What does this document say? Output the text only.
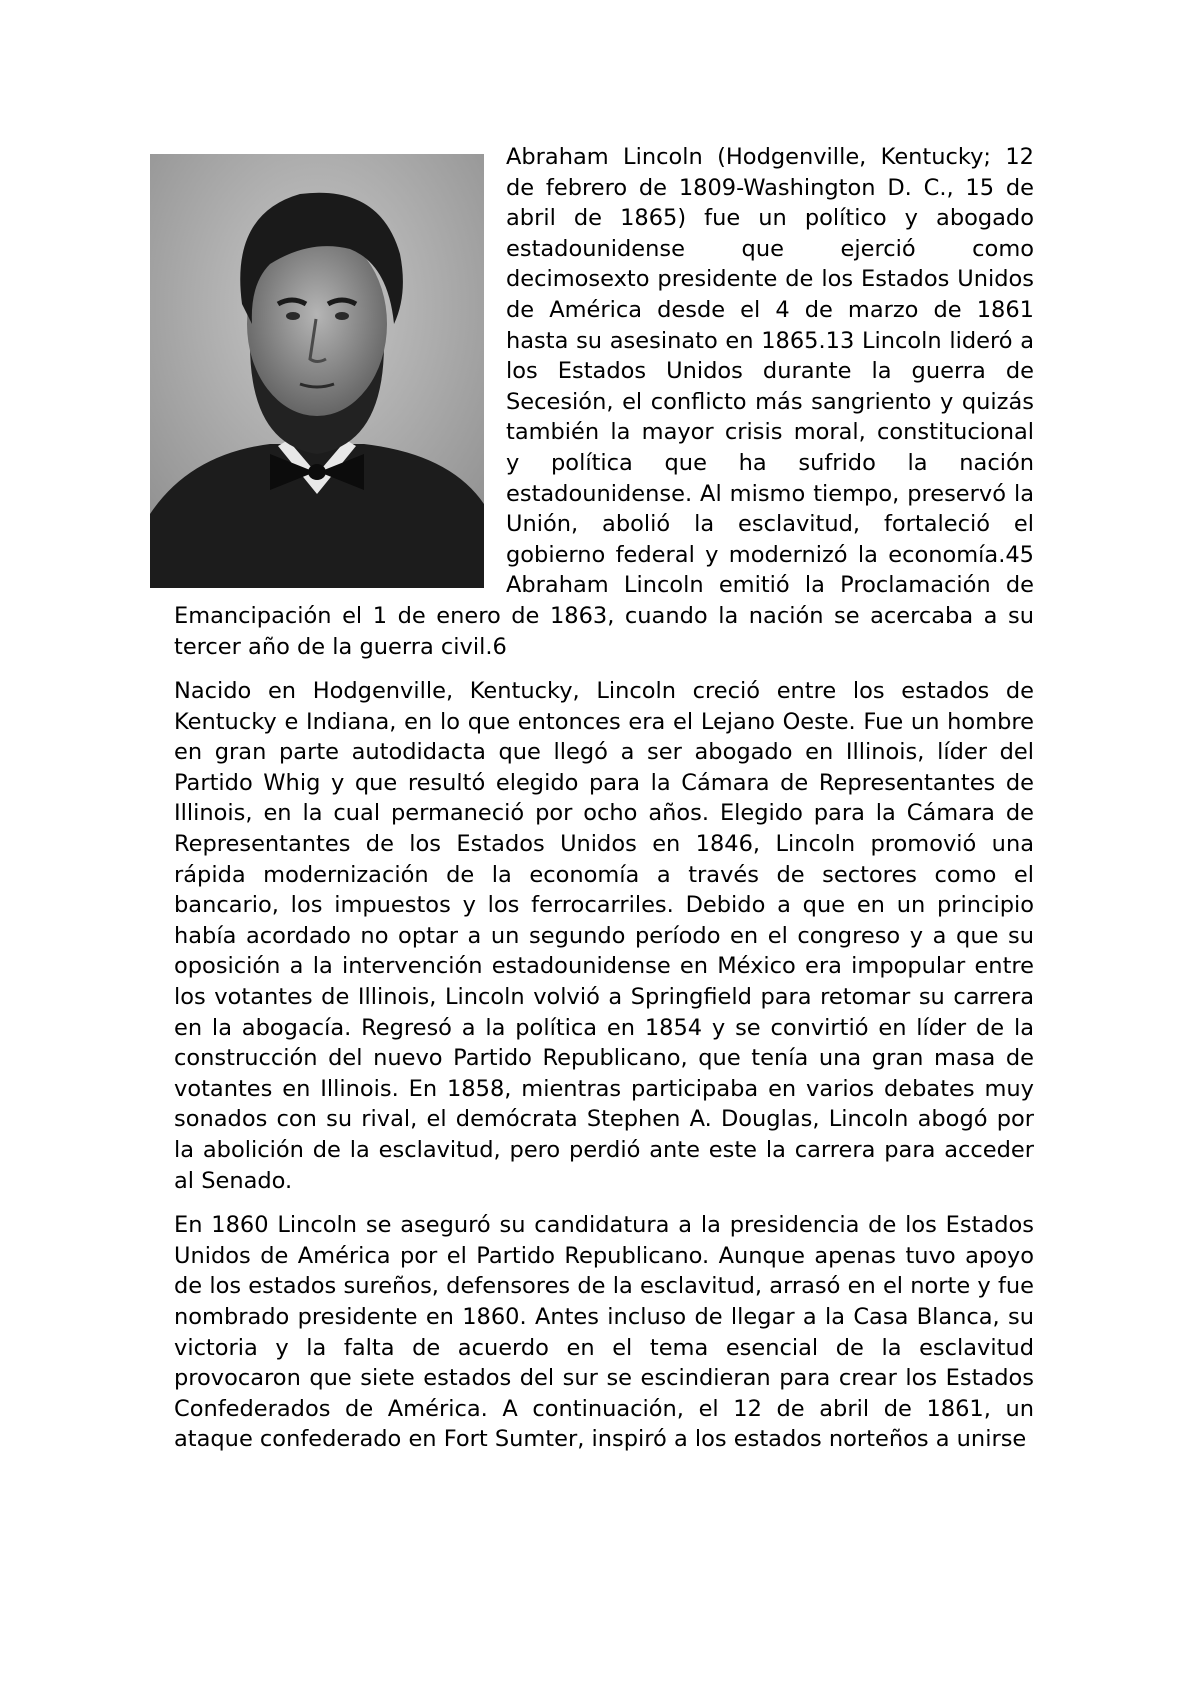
Abraham Lincoln (Hodgenville, Kentucky; 12 de febrero de 1809-Washington D. C., 15 de abril de 1865) fue un político y abogado estadounidense que ejerció como decimosexto presidente de los Estados Unidos de América desde el 4 de marzo de 1861 hasta su asesinato en 1865.13 Lincoln lideró a los Estados Unidos durante la guerra de Secesión, el conflicto más sangriento y quizás también la mayor crisis moral, constitucional y política que ha sufrido la nación estadounidense. Al mismo tiempo, preservó la Unión, abolió la esclavitud, fortaleció el gobierno federal y modernizó la economía.45 Abraham Lincoln emitió la Proclamación de Emancipación el 1 de enero de 1863, cuando la nación se acercaba a su tercer año de la guerra civil.6

Nacido en Hodgenville, Kentucky, Lincoln creció entre los estados de Kentucky e Indiana, en lo que entonces era el Lejano Oeste. Fue un hombre en gran parte autodidacta que llegó a ser abogado en Illinois, líder del Partido Whig y que resultó elegido para la Cámara de Representantes de Illinois, en la cual permaneció por ocho años. Elegido para la Cámara de Representantes de los Estados Unidos en 1846, Lincoln promovió una rápida modernización de la economía a través de sectores como el bancario, los impuestos y los ferrocarriles. Debido a que en un principio había acordado no optar a un segundo período en el congreso y a que su oposición a la intervención estadounidense en México era impopular entre los votantes de Illinois, Lincoln volvió a Springfield para retomar su carrera en la abogacía. Regresó a la política en 1854 y se convirtió en líder de la construcción del nuevo Partido Republicano, que tenía una gran masa de votantes en Illinois. En 1858, mientras participaba en varios debates muy sonados con su rival, el demócrata Stephen A. Douglas, Lincoln abogó por la abolición de la esclavitud, pero perdió ante este la carrera para acceder al Senado.

En 1860 Lincoln se aseguró su candidatura a la presidencia de los Estados Unidos de América por el Partido Republicano. Aunque apenas tuvo apoyo de los estados sureños, defensores de la esclavitud, arrasó en el norte y fue nombrado presidente en 1860. Antes incluso de llegar a la Casa Blanca, su victoria y la falta de acuerdo en el tema esencial de la esclavitud provocaron que siete estados del sur se escindieran para crear los Estados Confederados de América. A continuación, el 12 de abril de 1861, un ataque confederado en Fort Sumter, inspiró a los estados norteños a unirse
